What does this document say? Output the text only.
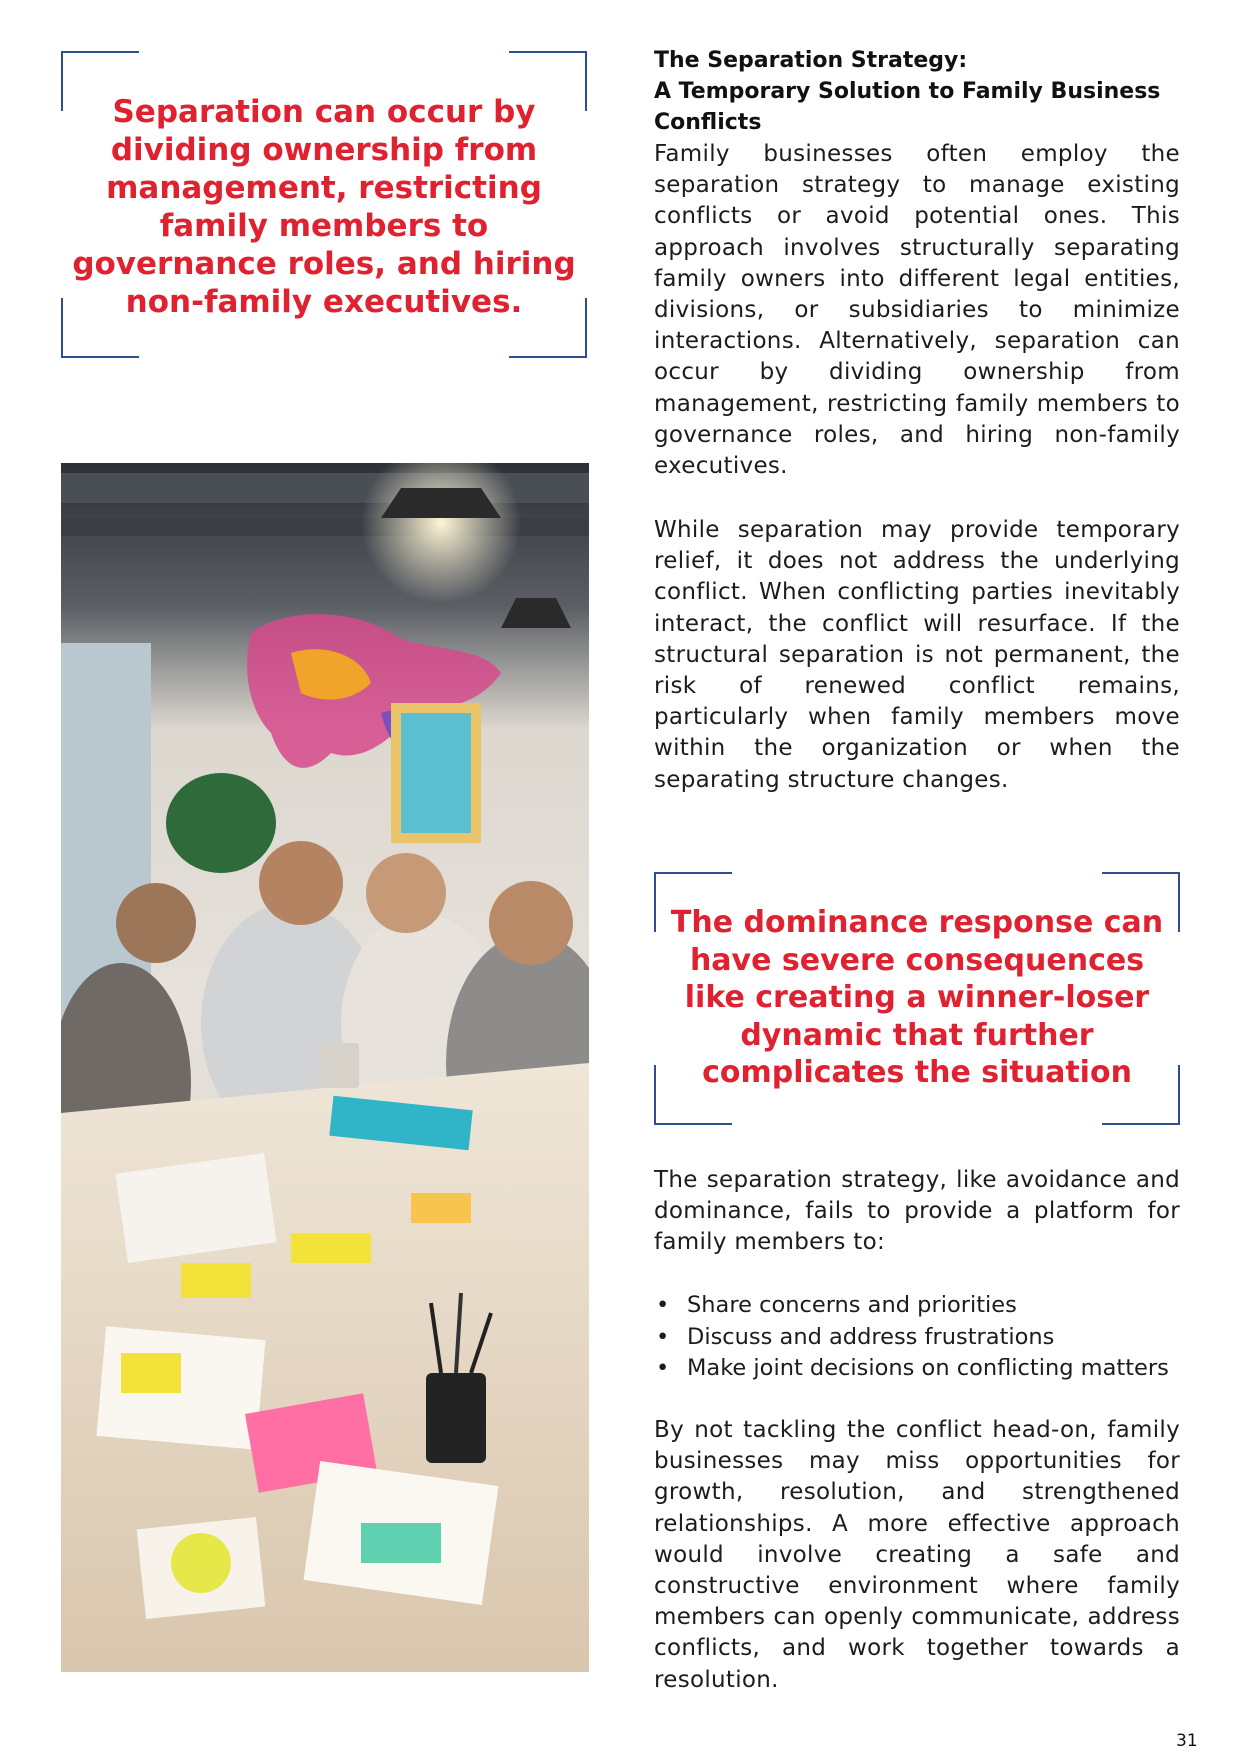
Separation can occur by dividing ownership from management, restricting family members to governance roles, and hiring non-family executives.
The dominance response can have severe consequences like creating a winner-loser dynamic that further complicates the situation
The Separation Strategy:
A Temporary Solution to Family Business Conflicts

Family businesses often employ the separation strategy to manage existing conflicts or avoid potential ones. This approach involves structurally separating family owners into different legal entities, divisions, or subsidiaries to minimize interactions. Alternatively, separation can occur by dividing ownership from management, restricting family members to governance roles, and hiring non-family executives.

While separation may provide temporary relief, it does not address the underlying conflict. When conflicting parties inevitably interact, the conflict will resurface. If the structural separation is not permanent, the risk of renewed conflict remains, particularly when family members move within the organization or when the separating structure changes.

The separation strategy, like avoidance and dominance, fails to provide a platform for family members to:

• Share concerns and priorities
• Discuss and address frustrations
• Make joint decisions on conflicting matters

By not tackling the conflict head-on, family businesses may miss opportunities for growth, resolution, and strengthened relationships. A more effective approach would involve creating a safe and constructive environment where family members can openly communicate, address conflicts, and work together towards a resolution.

31
